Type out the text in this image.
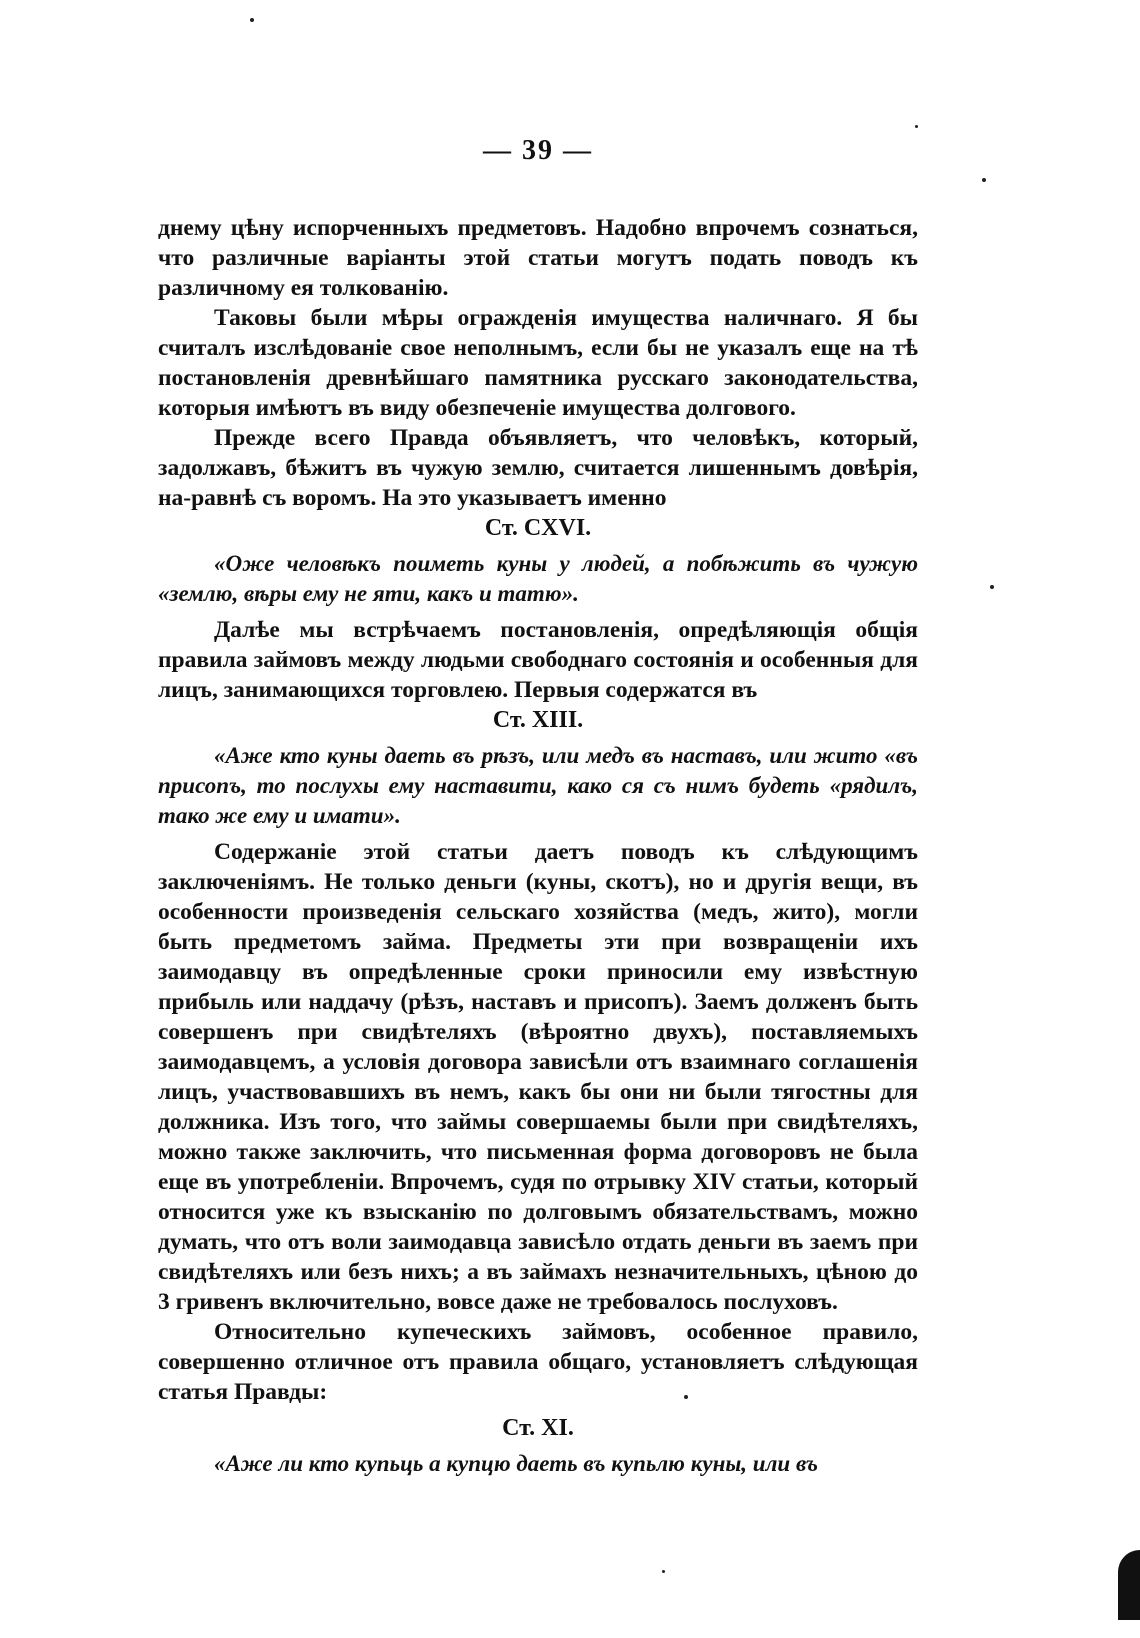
— 39 —

днему цѣну испорченныхъ предметовъ. Надобно впрочемъ сознаться, что различные варіанты этой статьи могутъ подать поводъ къ различному ея толкованію.

Таковы были мѣры огражденія имущества наличнаго. Я бы считалъ изслѣдованіе свое неполнымъ, если бы не указалъ еще на тѣ постановленія древнѣйшаго памятника русскаго законодательства, которыя имѣютъ въ виду обезпеченіе имущества долгового.

Прежде всего Правда объявляетъ, что человѣкъ, который, задолжавъ, бѣжитъ въ чужую землю, считается лишеннымъ довѣрія, на-равнѣ съ воромъ. На это указываетъ именно

Ст. CXVI.

«Оже человѣкъ поиметь куны у людей, а побѣжить въ чужую «землю, вѣры ему не яти, какъ и татю».

Далѣе мы встрѣчаемъ постановленія, опредѣляющія общія правила займовъ между людьми свободнаго состоянія и особенныя для лицъ, занимающихся торговлею. Первыя содержатся въ

Ст. XIII.

«Аже кто куны даеть въ рѣзъ, или медъ въ наставъ, или жито «въ присопъ, то послухы ему наставити, како ся съ нимъ будеть «рядилъ, тако же ему и имати».

Содержаніе этой статьи даетъ поводъ къ слѣдующимъ заключеніямъ. Не только деньги (куны, скотъ), но и другія вещи, въ особенности произведенія сельскаго хозяйства (медъ, жито), могли быть предметомъ займа. Предметы эти при возвращеніи ихъ заимодавцу въ опредѣленные сроки приносили ему извѣстную прибыль или наддачу (рѣзъ, наставъ и присопъ). Заемъ долженъ быть совершенъ при свидѣтеляхъ (вѣроятно двухъ), поставляемыхъ заимодавцемъ, а условія договора зависѣли отъ взаимнаго соглашенія лицъ, участвовавшихъ въ немъ, какъ бы они ни были тягостны для должника. Изъ того, что займы совершаемы были при свидѣтеляхъ, можно также заключить, что письменная форма договоровъ не была еще въ употребленіи. Впрочемъ, судя по отрывку XIV статьи, который относится уже къ взысканію по долговымъ обязательствамъ, можно думать, что отъ воли заимодавца зависѣло отдать деньги въ заемъ при свидѣтеляхъ или безъ нихъ; а въ займахъ незначительныхъ, цѣною до 3 гривенъ включительно, вовсе даже не требовалось послуховъ.

Относительно купеческихъ займовъ, особенное правило, совершенно отличное отъ правила общаго, установляетъ слѣдующая статья Правды:

Ст. XI.

«Аже ли кто купьць а купцю даеть въ купьлю куны, или въ
